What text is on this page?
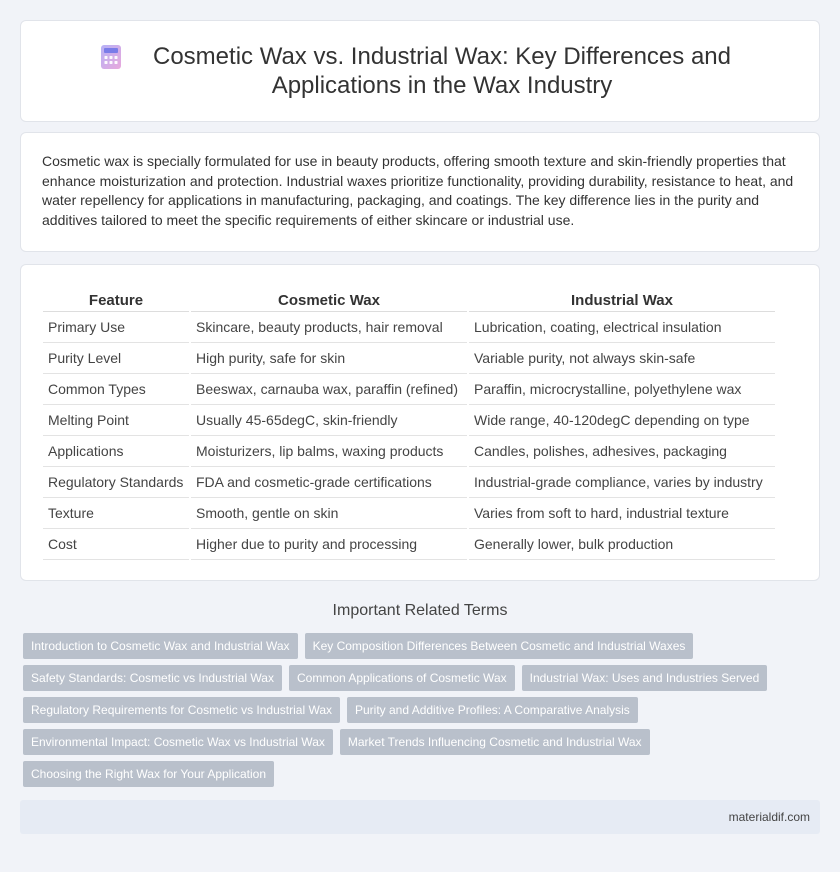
Cosmetic Wax vs. Industrial Wax: Key Differences and Applications in the Wax Industry

Cosmetic wax is specially formulated for use in beauty products, offering smooth texture and skin-friendly properties that enhance moisturization and protection. Industrial waxes prioritize functionality, providing durability, resistance to heat, and water repellency for applications in manufacturing, packaging, and coatings. The key difference lies in the purity and additives tailored to meet the specific requirements of either skincare or industrial use.

Feature	Cosmetic Wax	Industrial Wax
Primary Use	Skincare, beauty products, hair removal	Lubrication, coating, electrical insulation
Purity Level	High purity, safe for skin	Variable purity, not always skin-safe
Common Types	Beeswax, carnauba wax, paraffin (refined)	Paraffin, microcrystalline, polyethylene wax
Melting Point	Usually 45-65degC, skin-friendly	Wide range, 40-120degC depending on type
Applications	Moisturizers, lip balms, waxing products	Candles, polishes, adhesives, packaging
Regulatory Standards	FDA and cosmetic-grade certifications	Industrial-grade compliance, varies by industry
Texture	Smooth, gentle on skin	Varies from soft to hard, industrial texture
Cost	Higher due to purity and processing	Generally lower, bulk production
Important Related Terms
Introduction to Cosmetic Wax and Industrial Wax	Key Composition Differences Between Cosmetic and Industrial Waxes
Safety Standards: Cosmetic vs Industrial Wax	Common Applications of Cosmetic Wax	Industrial Wax: Uses and Industries Served
Regulatory Requirements for Cosmetic vs Industrial Wax	Purity and Additive Profiles: A Comparative Analysis
Environmental Impact: Cosmetic Wax vs Industrial Wax	Market Trends Influencing Cosmetic and Industrial Wax
Choosing the Right Wax for Your Application
materialdif.com
